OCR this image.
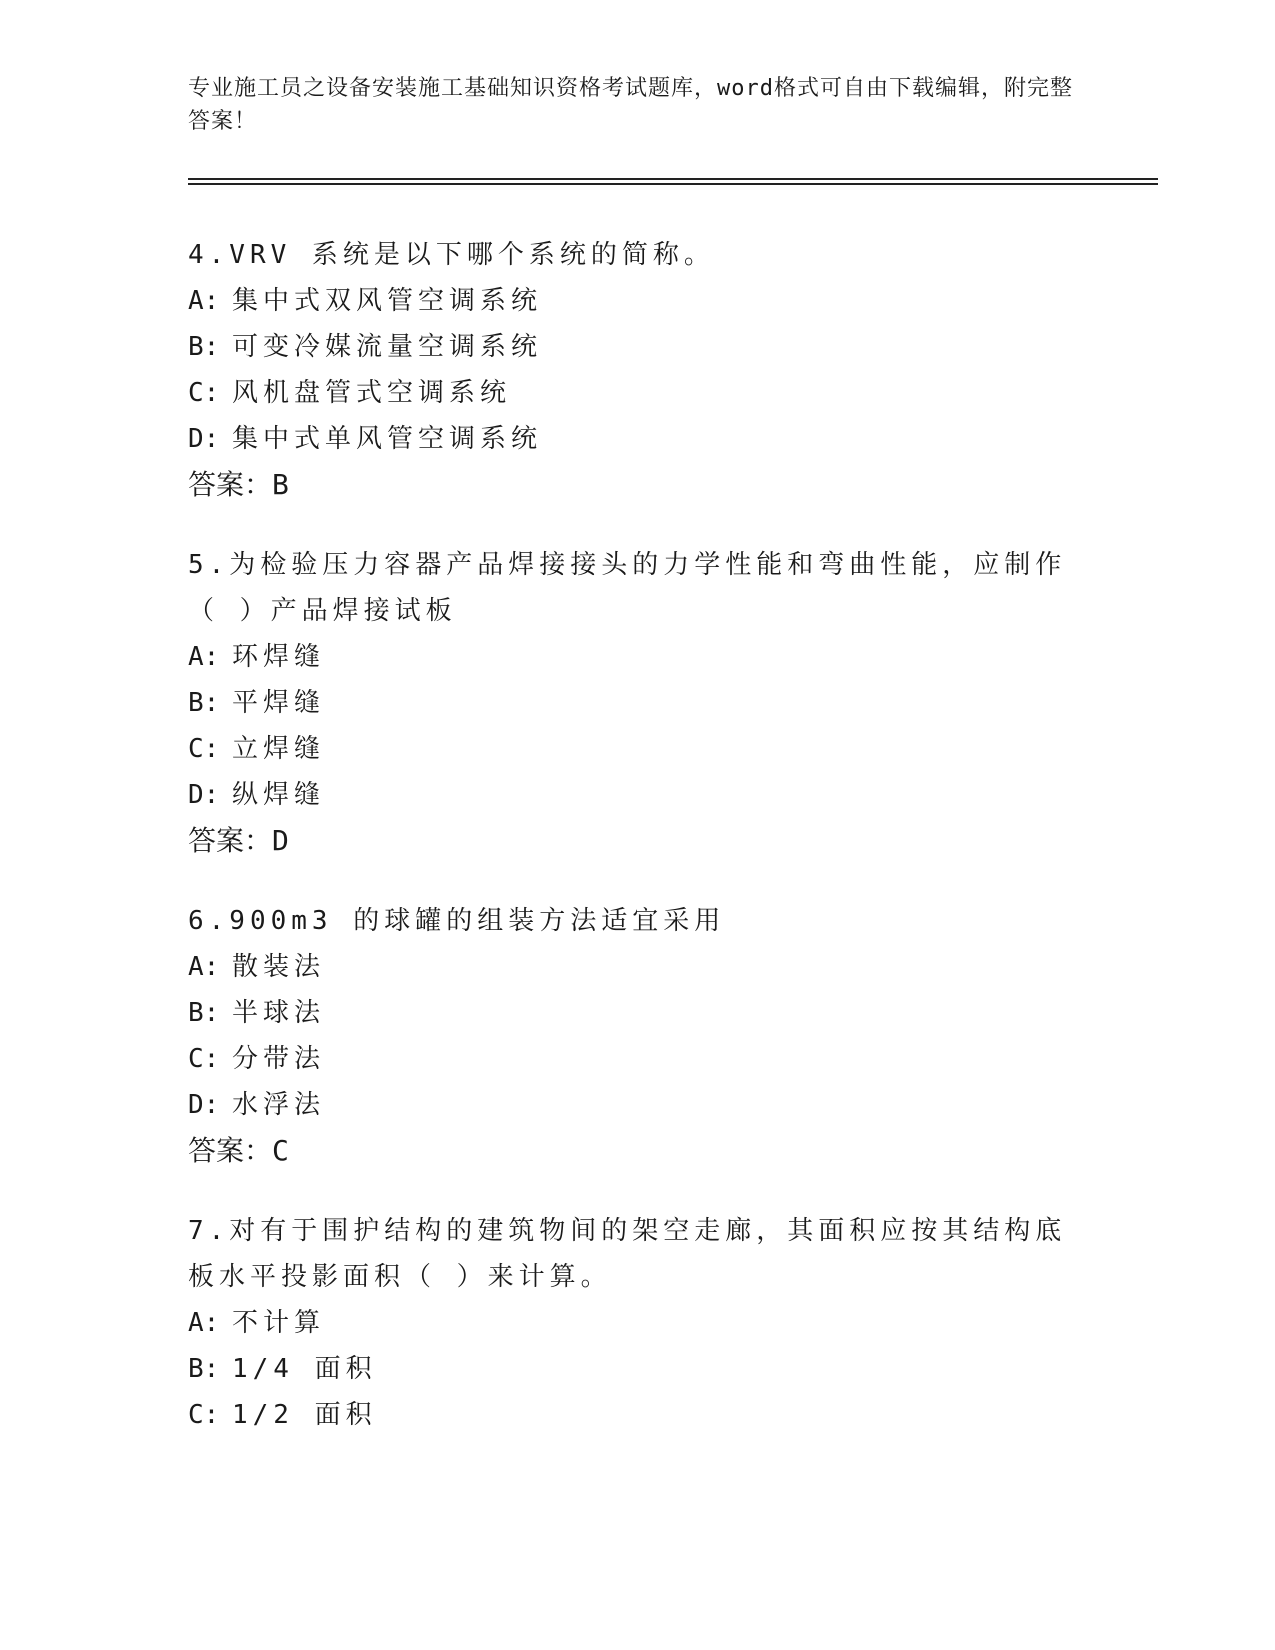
专业施工员之设备安装施工基础知识资格考试题库，word格式可自由下载编辑，附完整答案！

4.VRV 系统是以下哪个系统的简称。

A: 集中式双风管空调系统
B: 可变冷媒流量空调系统
C: 风机盘管式空调系统
D: 集中式单风管空调系统
答案：B

5.为检验压力容器产品焊接接头的力学性能和弯曲性能，应制作（ ）产品焊接试板

A: 环焊缝
B: 平焊缝
C: 立焊缝
D: 纵焊缝
答案：D

6.900m3 的球罐的组装方法适宜采用

A: 散装法
B: 半球法
C: 分带法
D: 水浮法
答案：C

7.对有于围护结构的建筑物间的架空走廊，其面积应按其结构底板水平投影面积（ ）来计算。

A: 不计算
B: 1/4 面积
C: 1/2 面积
